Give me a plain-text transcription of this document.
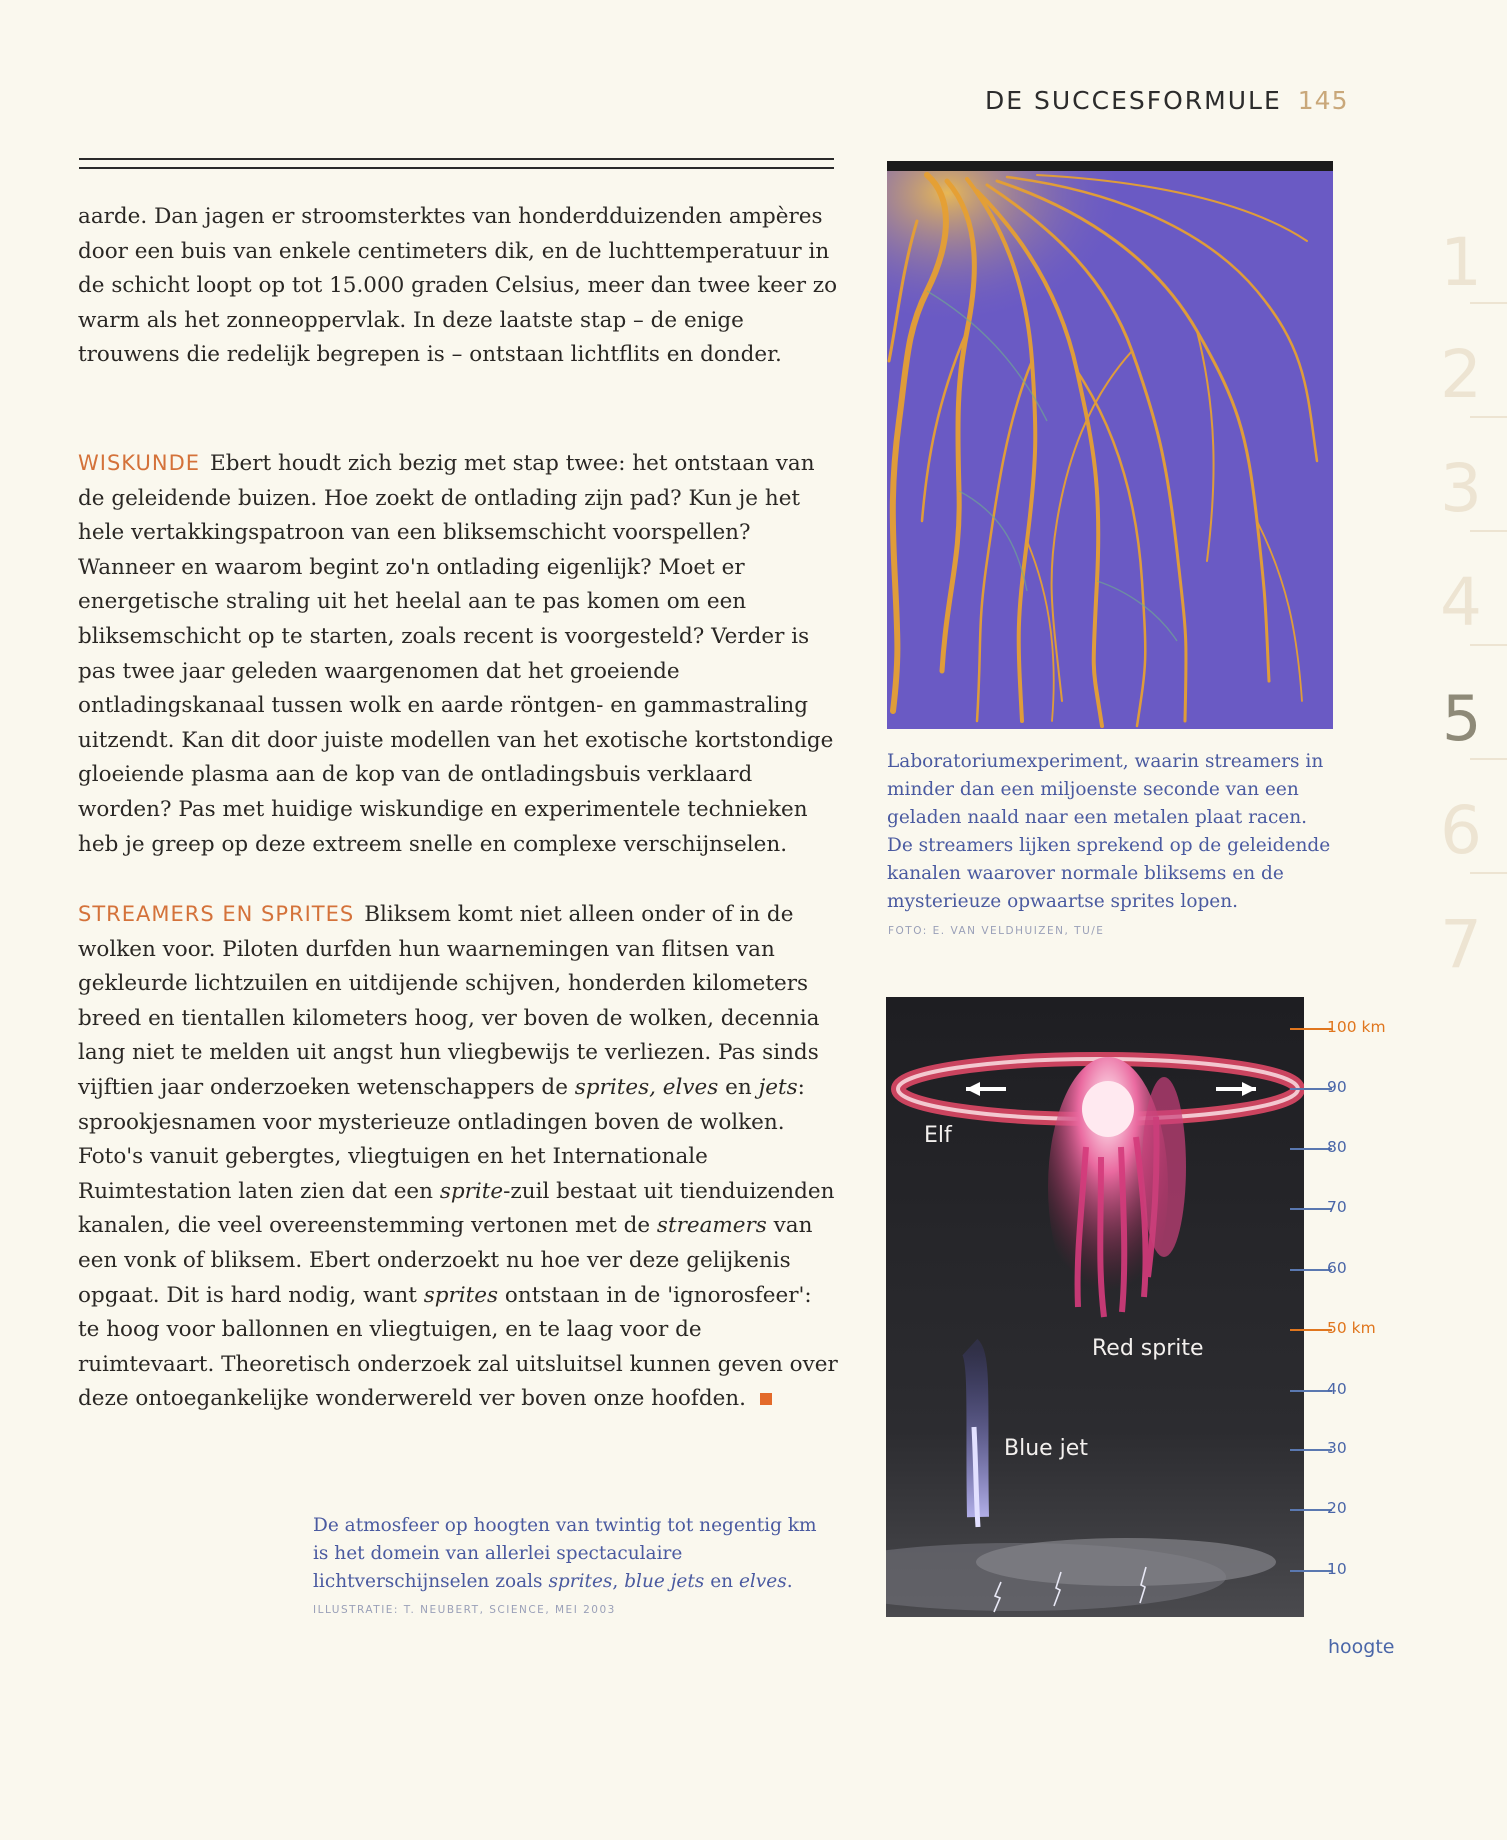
DE SUCCESFORMULE 145

aarde. Dan jagen er stroomsterktes van honderdduizenden ampères door een buis van enkele centimeters dik, en de luchttemperatuur in de schicht loopt op tot 15.000 graden Celsius, meer dan twee keer zo warm als het zonneoppervlak. In deze laatste stap – de enige trouwens die redelijk begrepen is – ontstaan lichtflits en donder.

WISKUNDE Ebert houdt zich bezig met stap twee: het ontstaan van de geleidende buizen. Hoe zoekt de ontlading zijn pad? Kun je het hele vertakkingspatroon van een bliksemschicht voorspellen? Wanneer en waarom begint zo'n ontlading eigenlijk? Moet er energetische straling uit het heelal aan te pas komen om een bliksemschicht op te starten, zoals recent is voorgesteld? Verder is pas twee jaar geleden waargenomen dat het groeiende ontladingskanaal tussen wolk en aarde röntgen- en gammastraling uitzendt. Kan dit door juiste modellen van het exotische kortstondige gloeiende plasma aan de kop van de ontladingsbuis verklaard worden? Pas met huidige wiskundige en experimentele technieken heb je greep op deze extreem snelle en complexe verschijnselen.

STREAMERS EN SPRITES Bliksem komt niet alleen onder of in de wolken voor. Piloten durfden hun waarnemingen van flitsen van gekleurde lichtzuilen en uitdijende schijven, honderden kilometers breed en tientallen kilometers hoog, ver boven de wolken, decennia lang niet te melden uit angst hun vliegbewijs te verliezen. Pas sinds vijftien jaar onderzoeken wetenschappers de sprites, elves en jets: sprookjesnamen voor mysterieuze ontladingen boven de wolken. Foto's vanuit gebergtes, vliegtuigen en het Internationale Ruimtestation laten zien dat een sprite-zuil bestaat uit tienduizenden kanalen, die veel overeenstemming vertonen met de streamers van een vonk of bliksem. Ebert onderzoekt nu hoe ver deze gelijkenis opgaat. Dit is hard nodig, want sprites ontstaan in de 'ignorosfeer': te hoog voor ballonnen en vliegtuigen, en te laag voor de ruimtevaart. Theoretisch onderzoek zal uitsluitsel kunnen geven over deze ontoegankelijke wonderwereld ver boven onze hoofden.

Laboratoriumexperiment, waarin streamers in minder dan een miljoenste seconde van een geladen naald naar een metalen plaat racen. De streamers lijken sprekend op de geleidende kanalen waarover normale bliksems en de mysterieuze opwaartse sprites lopen.
FOTO: E. VAN VELDHUIZEN, TU/E
Elf
Red sprite
Blue jet
100 km
90
80
70
60
50 km
40
30
20
10
hoogte
De atmosfeer op hoogten van twintig tot negentig km is het domein van allerlei spectaculaire lichtverschijnselen zoals sprites, blue jets en elves.
ILLUSTRATIE: T. NEUBERT, SCIENCE, MEI 2003
1
2
3
4
5
6
7
